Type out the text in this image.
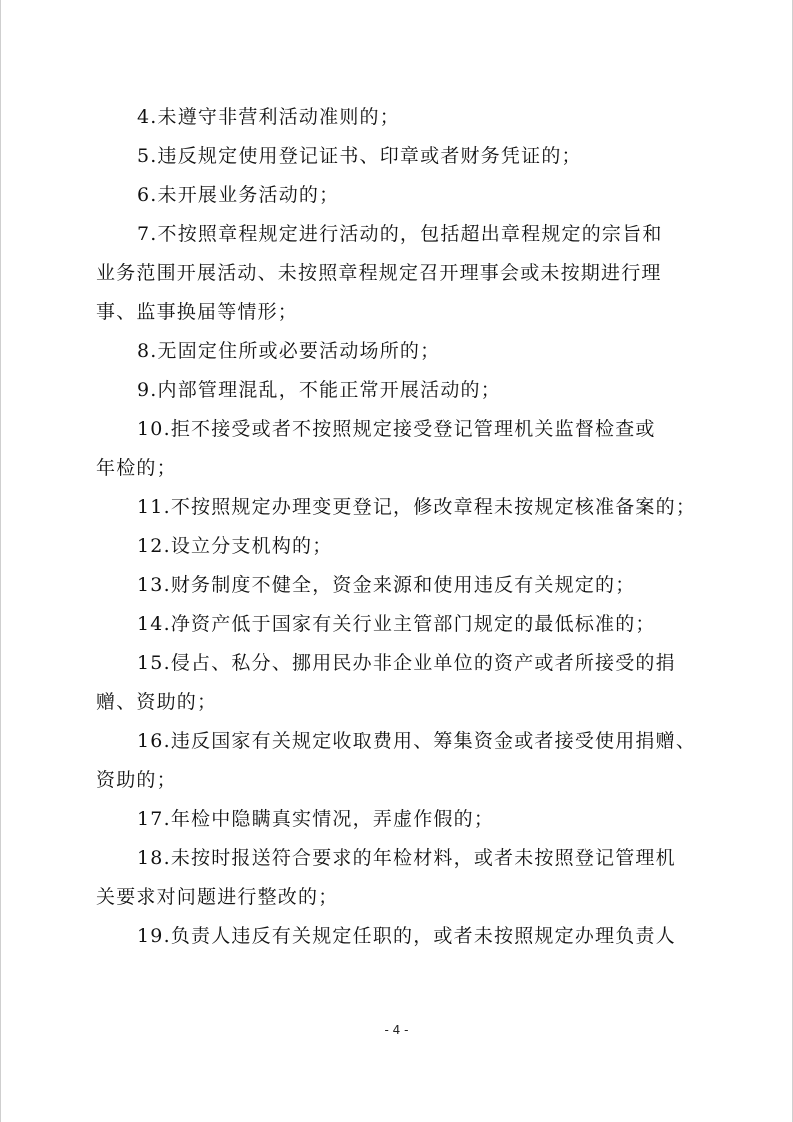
4.未遵守非营利活动准则的；

5.违反规定使用登记证书、印章或者财务凭证的；

6.未开展业务活动的；

7.不按照章程规定进行活动的，包括超出章程规定的宗旨和
业务范围开展活动、未按照章程规定召开理事会或未按期进行理
事、监事换届等情形；

8.无固定住所或必要活动场所的；

9.内部管理混乱，不能正常开展活动的；

10.拒不接受或者不按照规定接受登记管理机关监督检查或
年检的；

11.不按照规定办理变更登记，修改章程未按规定核准备案的；

12.设立分支机构的；

13.财务制度不健全，资金来源和使用违反有关规定的；

14.净资产低于国家有关行业主管部门规定的最低标准的；

15.侵占、私分、挪用民办非企业单位的资产或者所接受的捐
赠、资助的；

16.违反国家有关规定收取费用、筹集资金或者接受使用捐赠、
资助的；

17.年检中隐瞒真实情况，弄虚作假的；

18.未按时报送符合要求的年检材料，或者未按照登记管理机
关要求对问题进行整改的；

19.负责人违反有关规定任职的，或者未按照规定办理负责人

- 4 -
